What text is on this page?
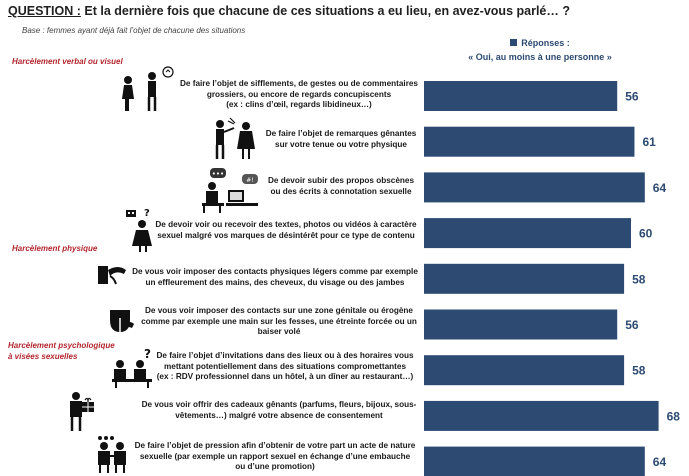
QUESTION : Et la dernière fois que chacune de ces situations a eu lieu, en avez-vous parlé… ?
Base : femmes ayant déjà fait l’objet de chacune des situations
Réponses :
« Oui, au moins à une personne »
Harcèlement verbal ou visuel
Harcèlement physique
Harcèlement psychologique
à visées sexuelles
•••
#!
?
?
De faire l’objet de sifflements, de gestes ou de commentaires
grossiers, ou encore de regards concupiscents
(ex : clins d’œil, regards libidineux…)
De faire l’objet de remarques gênantes
sur votre tenue ou votre physique
De devoir subir des propos obscènes
ou des écrits à connotation sexuelle
De devoir voir ou recevoir des textes, photos ou vidéos à caractère
sexuel malgré vos marques de désintérêt pour ce type de contenu
De vous voir imposer des contacts physiques légers comme par exemple
un effleurement des mains, des cheveux, du visage ou des jambes
De vous voir imposer des contacts sur une zone génitale ou érogène
comme par exemple une main sur les fesses, une étreinte forcée ou un
baiser volé
De faire l’objet d’invitations dans des lieux ou à des horaires vous
mettant potentiellement dans des situations compromettantes
(ex : RDV professionnel dans un hôtel, à un dîner au restaurant…)
De vous voir offrir des cadeaux gênants (parfums, fleurs, bijoux, sous-
vêtements…) malgré votre absence de consentement
De faire l’objet de pression afin d’obtenir de votre part un acte de nature
sexuelle (par exemple un rapport sexuel en échange d’une embauche
ou d’une promotion)
56
61
64
60
58
56
58
68
64
